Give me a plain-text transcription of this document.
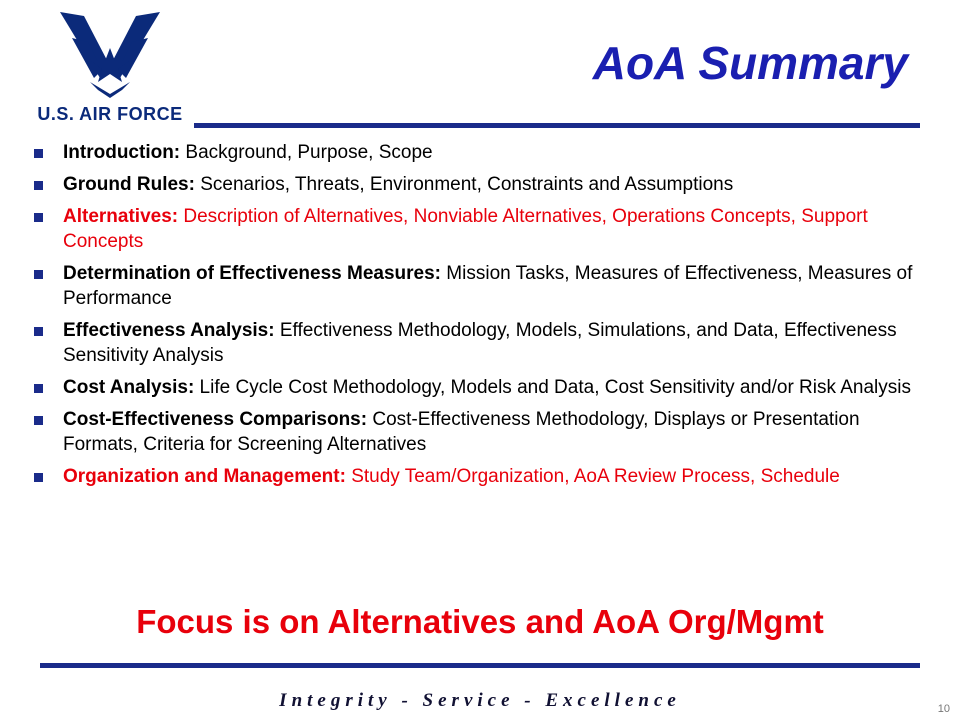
U.S. AIR FORCE
AoA Summary
Introduction: Background, Purpose, Scope
Ground Rules: Scenarios, Threats, Environment, Constraints and Assumptions
Alternatives: Description of Alternatives, Nonviable Alternatives, Operations Concepts, Support Concepts
Determination of Effectiveness Measures: Mission Tasks, Measures of Effectiveness, Measures of Performance
Effectiveness Analysis: Effectiveness Methodology, Models, Simulations, and Data, Effectiveness Sensitivity Analysis
Cost Analysis: Life Cycle Cost Methodology, Models and Data, Cost Sensitivity and/or Risk Analysis
Cost-Effectiveness Comparisons: Cost-Effectiveness Methodology, Displays or Presentation Formats, Criteria for Screening Alternatives
Organization and Management: Study Team/Organization, AoA Review Process, Schedule
Focus is on Alternatives and AoA Org/Mgmt
Integrity - Service - Excellence	10
